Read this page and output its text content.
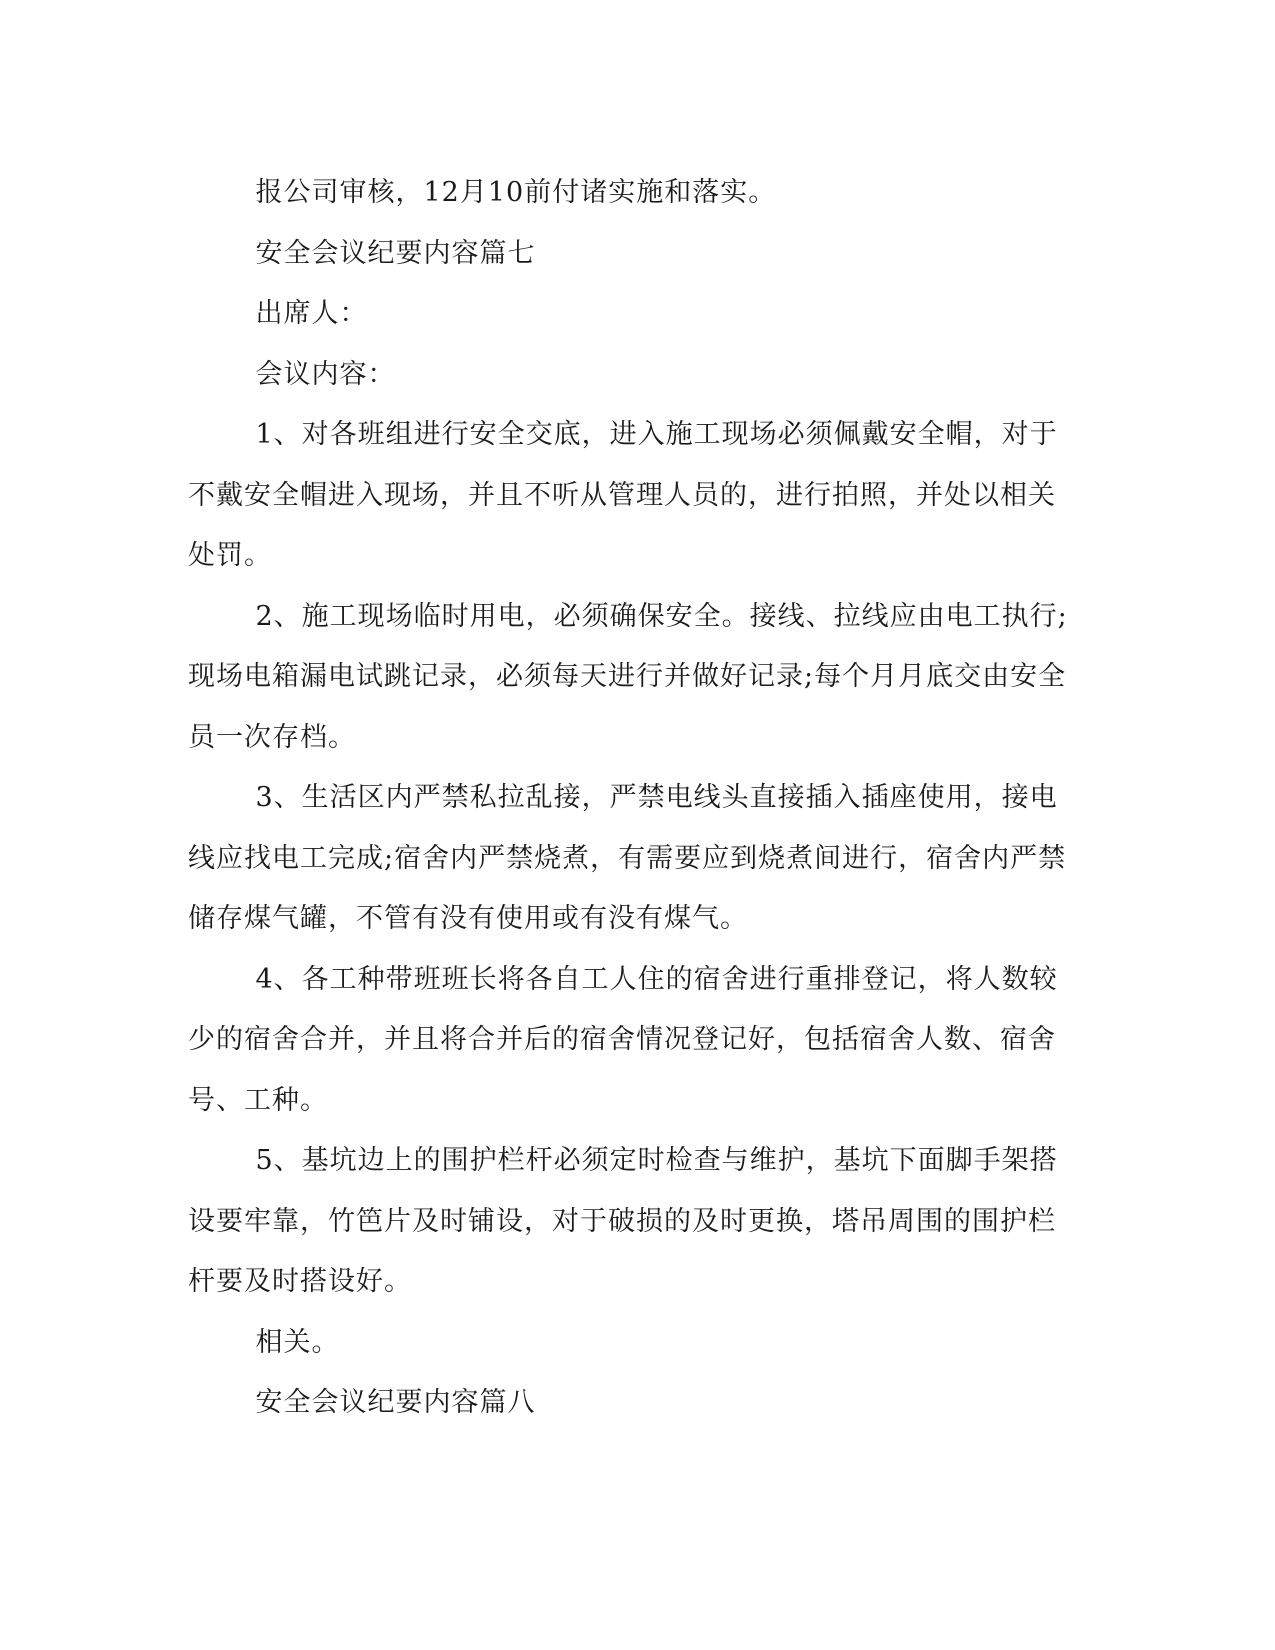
报公司审核，12月10前付诸实施和落实。

安全会议纪要内容篇七

出席人：

会议内容：

1、对各班组进行安全交底，进入施工现场必须佩戴安全帽，对于不戴安全帽进入现场，并且不听从管理人员的，进行拍照，并处以相关处罚。

2、施工现场临时用电，必须确保安全。接线、拉线应由电工执行;现场电箱漏电试跳记录，必须每天进行并做好记录;每个月月底交由安全员一次存档。

3、生活区内严禁私拉乱接，严禁电线头直接插入插座使用，接电线应找电工完成;宿舍内严禁烧煮，有需要应到烧煮间进行，宿舍内严禁储存煤气罐，不管有没有使用或有没有煤气。

4、各工种带班班长将各自工人住的宿舍进行重排登记，将人数较少的宿舍合并，并且将合并后的宿舍情况登记好，包括宿舍人数、宿舍号、工种。

5、基坑边上的围护栏杆必须定时检查与维护，基坑下面脚手架搭设要牢靠，竹笆片及时铺设，对于破损的及时更换，塔吊周围的围护栏杆要及时搭设好。

相关。

安全会议纪要内容篇八
